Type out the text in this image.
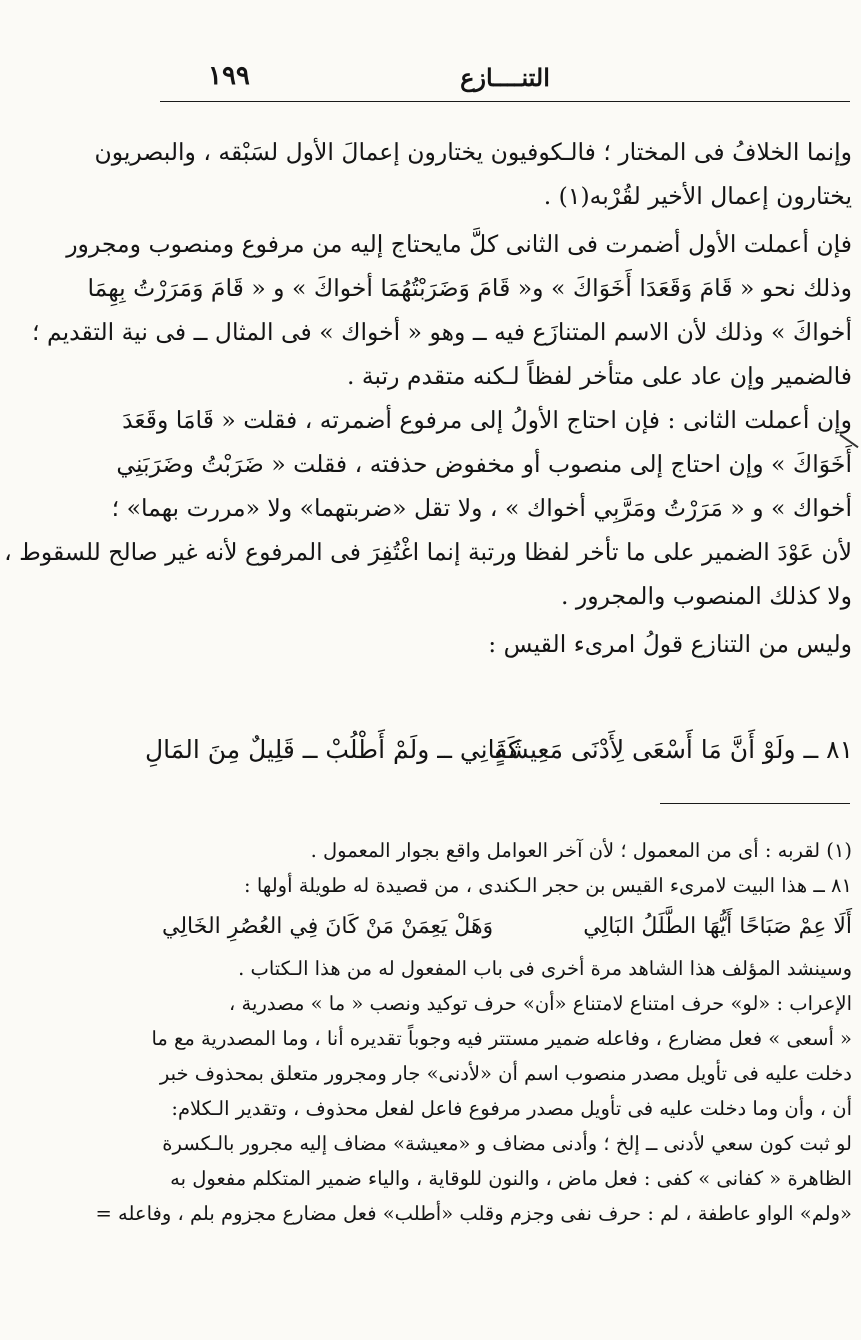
١٩٩	التنــــازع
وإنما الخلافُ فى المختار ؛ فالـكوفيون يختارون إعمالَ الأول لسَبْقه ، والبصريون
يختارون إعمال الأخير لقُرْبه(١) .
فإن أعملت الأول أضمرت فى الثانى كلَّ مايحتاج إليه من مرفوع ومنصوب ومجرور
وذلك نحو « قَامَ وَقَعَدَا أَخَوَاكَ » و« قَامَ وَضَرَبْتُهُمَا أخواكَ » و « قَامَ وَمَرَرْتُ بِهِمَا
أخواكَ » وذلك لأن الاسم المتنازَع فيه ــ وهو « أخواك » فى المثال ــ فى نية التقديم ؛
فالضمير وإن عاد على متأخر لفظاً لـكنه متقدم رتبة .
وإن أعملت الثانى : فإن احتاج الأولُ إلى مرفوع أضمرته ، فقلت « قَامَا وقَعَدَ
أَخَوَاكَ » وإن احتاج إلى منصوب أو مخفوض حذفته ، فقلت « ضَرَبْتُ وضَرَبَنِي
أخواك » و « مَرَرْتُ ومَرَّبِي أخواك » ، ولا تقل «ضربتهما» ولا «مررت بهما» ؛
لأن عَوْدَ الضمير على ما تأخر لفظا ورتبة إنما اغْتُفِرَ فى المرفوع لأنه غير صالح للسقوط ،
ولا كذلك المنصوب والمجرور .
وليس من التنازع قولُ امرىء القيس :
٨١ ــ ولَوْ أَنَّ مَا أَسْعَى لِأَدْنَى مَعِيشَةٍ
كَفَانِي ــ ولَمْ أَطْلُبْ ــ قَلِيلٌ مِنَ المَالِ
(١) لقربه : أى من المعمول ؛ لأن آخر العوامل واقع بجوار المعمول .
٨١ ــ هذا البيت لامرىء القيس بن حجر الـكندى ، من قصيدة له طويلة أولها :
أَلَا عِمْ صَبَاحًا أَيُّهَا الطَّلَلُ البَالِي
وَهَلْ يَعِمَنْ مَنْ كَانَ فِي العُصُرِ الخَالِي
وسينشد المؤلف هذا الشاهد مرة أخرى فى باب المفعول له من هذا الـكتاب .
الإعراب : «لو» حرف امتناع لامتناع «أن» حرف توكيد ونصب « ما » مصدرية ،
« أسعى » فعل مضارع ، وفاعله ضمير مستتر فيه وجوباً تقديره أنا ، وما المصدرية مع ما
دخلت عليه فى تأويل مصدر منصوب اسم أن «لأدنى» جار ومجرور متعلق بمحذوف خبر
أن ، وأن وما دخلت عليه فى تأويل مصدر مرفوع فاعل لفعل محذوف ، وتقدير الـكلام:
لو ثبت كون سعي لأدنى ــ إلخ ؛ وأدنى مضاف و «معيشة» مضاف إليه مجرور بالـكسرة
الظاهرة « كفانى » كفى : فعل ماض ، والنون للوقاية ، والياء ضمير المتكلم مفعول به
«ولم» الواو عاطفة ، لم : حرف نفى وجزم وقلب «أطلب» فعل مضارع مجزوم بلم ، وفاعله =
